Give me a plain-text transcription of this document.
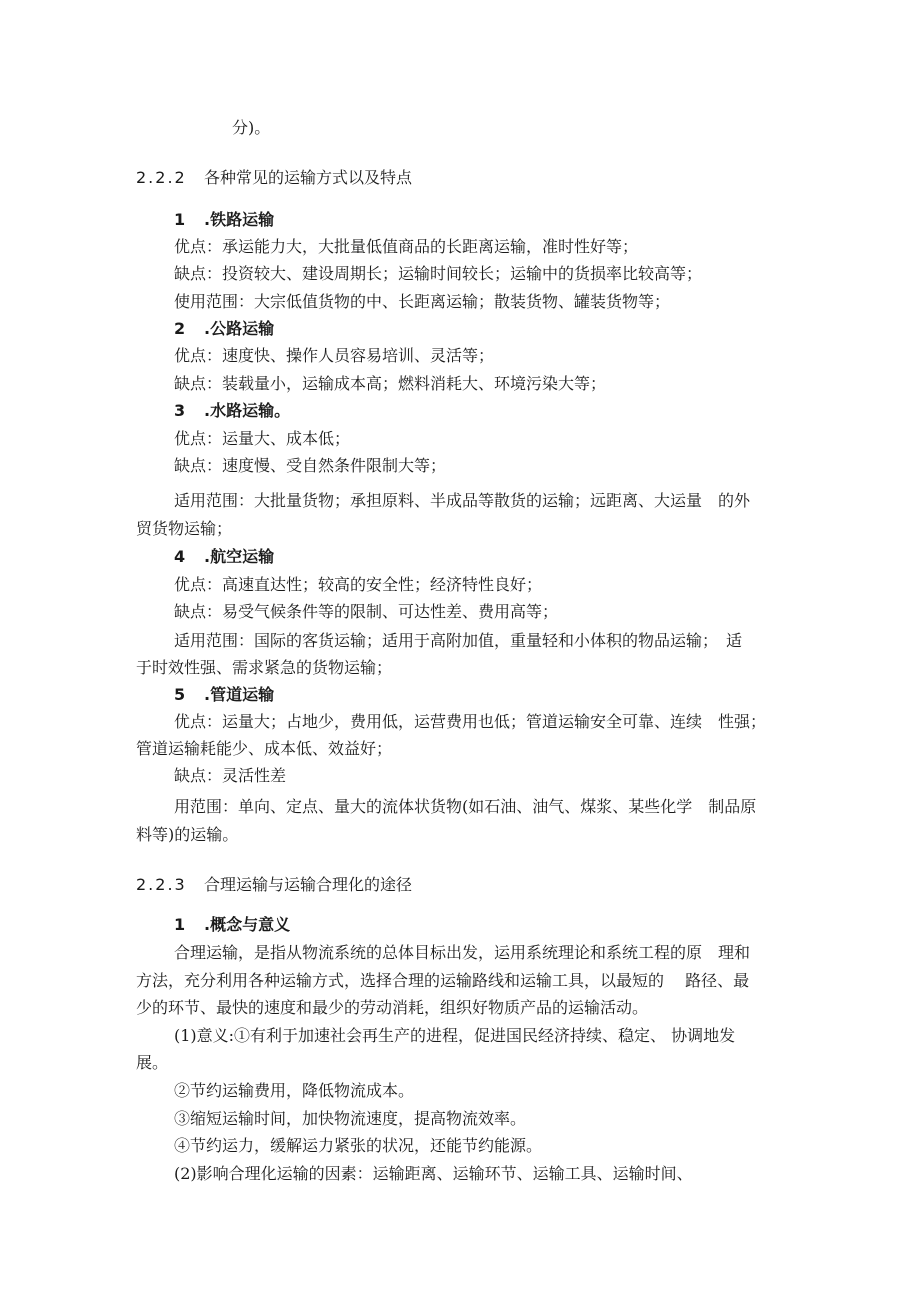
分)。
2.2.2 各种常见的运输方式以及特点
1 .铁路运输
优点：承运能力大，大批量低值商品的长距离运输，准时性好等；
缺点：投资较大、建设周期长；运输时间较长；运输中的货损率比较高等；
使用范围：大宗低值货物的中、长距离运输；散装货物、罐装货物等；
2 .公路运输
优点：速度快、操作人员容易培训、灵活等；
缺点：装载量小，运输成本高；燃料消耗大、环境污染大等；
3 .水路运输。
优点：运量大、成本低；
缺点：速度慢、受自然条件限制大等；
适用范围：大批量货物；承担原料、半成品等散货的运输；远距离、大运量　的外
贸货物运输；
4 .航空运输
优点：高速直达性；较高的安全性；经济特性良好；
缺点：易受气候条件等的限制、可达性差、费用高等；
适用范围：国际的客货运输；适用于高附加值，重量轻和小体积的物品运输；　适
于时效性强、需求紧急的货物运输；
5 .管道运输
优点：运量大；占地少，费用低，运营费用也低；管道运输安全可靠、连续　性强；
管道运输耗能少、成本低、效益好；
缺点：灵活性差
用范围：单向、定点、量大的流体状货物(如石油、油气、煤浆、某些化学　制品原
料等)的运输。
2.2.3 合理运输与运输合理化的途径
1 .概念与意义
合理运输，是指从物流系统的总体目标出发，运用系统理论和系统工程的原　理和
方法，充分利用各种运输方式，选择合理的运输路线和运输工具，以最短的　 路径、最
少的环节、最快的速度和最少的劳动消耗，组织好物质产品的运输活动。
(1)意义:①有利于加速社会再生产的进程，促进国民经济持续、稳定、 协调地发
展。
②节约运输费用，降低物流成本。
③缩短运输时间，加快物流速度，提高物流效率。
④节约运力，缓解运力紧张的状况，还能节约能源。
(2)影响合理化运输的因素：运输距离、运输环节、运输工具、运输时间、
